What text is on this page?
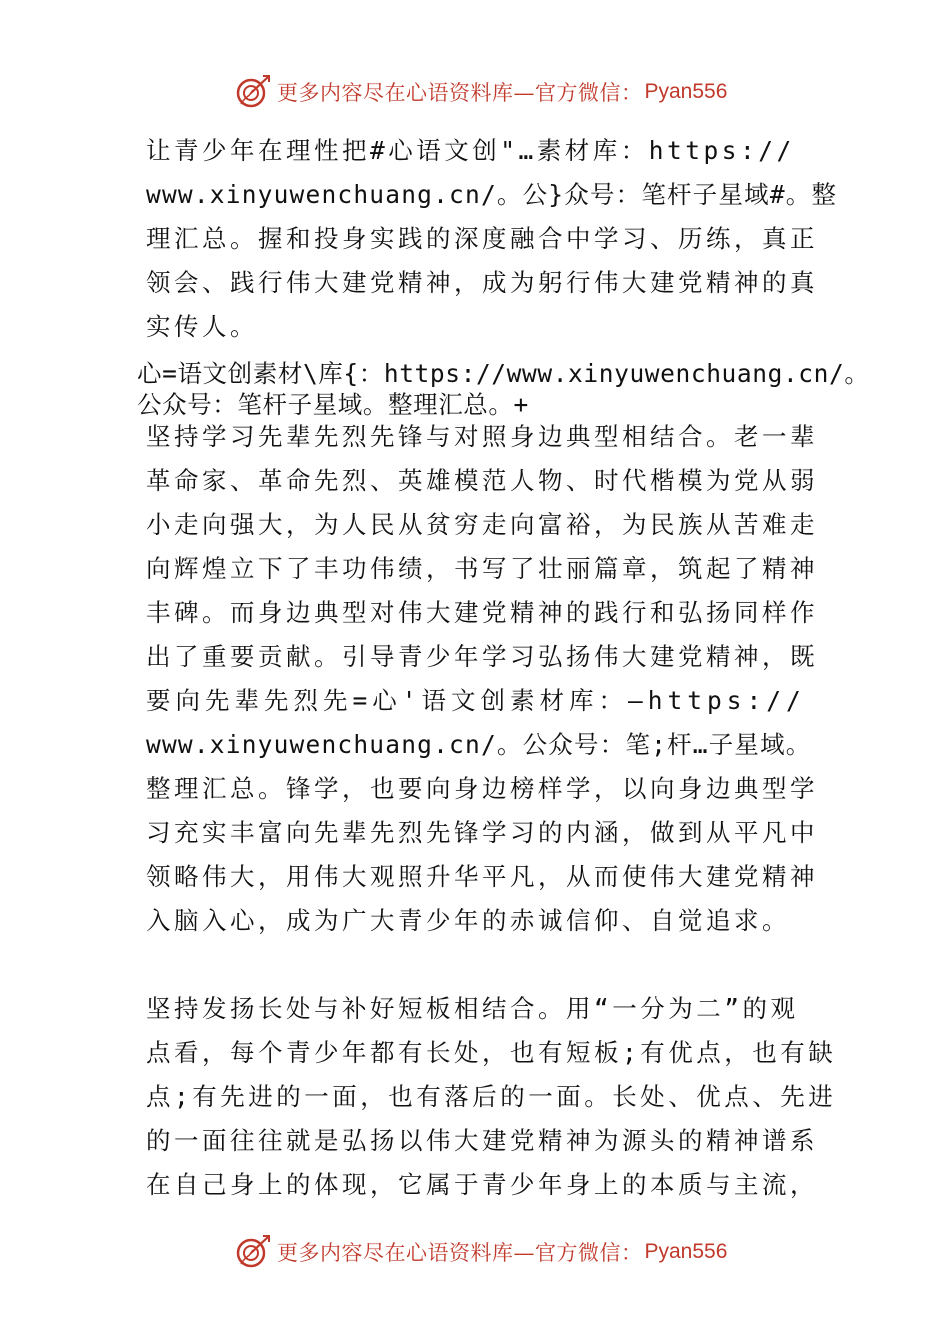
更多内容尽在心语资料库—官方微信： Pyan556
让青少年在理性把#心语文创"…素材库：https://
www.xinyuwenchuang.cn/。公}众号：笔杆子星域#。整
理汇总。握和投身实践的深度融合中学习、历练，真正
领会、践行伟大建党精神，成为躬行伟大建党精神的真
实传人。
心=语文创素材\库{：https://www.xinyuwenchuang.cn/。
公众号：笔杆子星域。整理汇总。+
坚持学习先辈先烈先锋与对照身边典型相结合。老一辈
革命家、革命先烈、英雄模范人物、时代楷模为党从弱
小走向强大，为人民从贫穷走向富裕，为民族从苦难走
向辉煌立下了丰功伟绩，书写了壮丽篇章，筑起了精神
丰碑。而身边典型对伟大建党精神的践行和弘扬同样作
出了重要贡献。引导青少年学习弘扬伟大建党精神，既
要向先辈先烈先=心'语文创素材库：—https://
www.xinyuwenchuang.cn/。公众号：笔;杆…子星域。
整理汇总。锋学，也要向身边榜样学，以向身边典型学
习充实丰富向先辈先烈先锋学习的内涵，做到从平凡中
领略伟大，用伟大观照升华平凡，从而使伟大建党精神
入脑入心，成为广大青少年的赤诚信仰、自觉追求。
坚持发扬长处与补好短板相结合。用“一分为二”的观
点看，每个青少年都有长处，也有短板;有优点，也有缺
点;有先进的一面，也有落后的一面。长处、优点、先进
的一面往往就是弘扬以伟大建党精神为源头的精神谱系
在自己身上的体现，它属于青少年身上的本质与主流，
更多内容尽在心语资料库—官方微信： Pyan556
